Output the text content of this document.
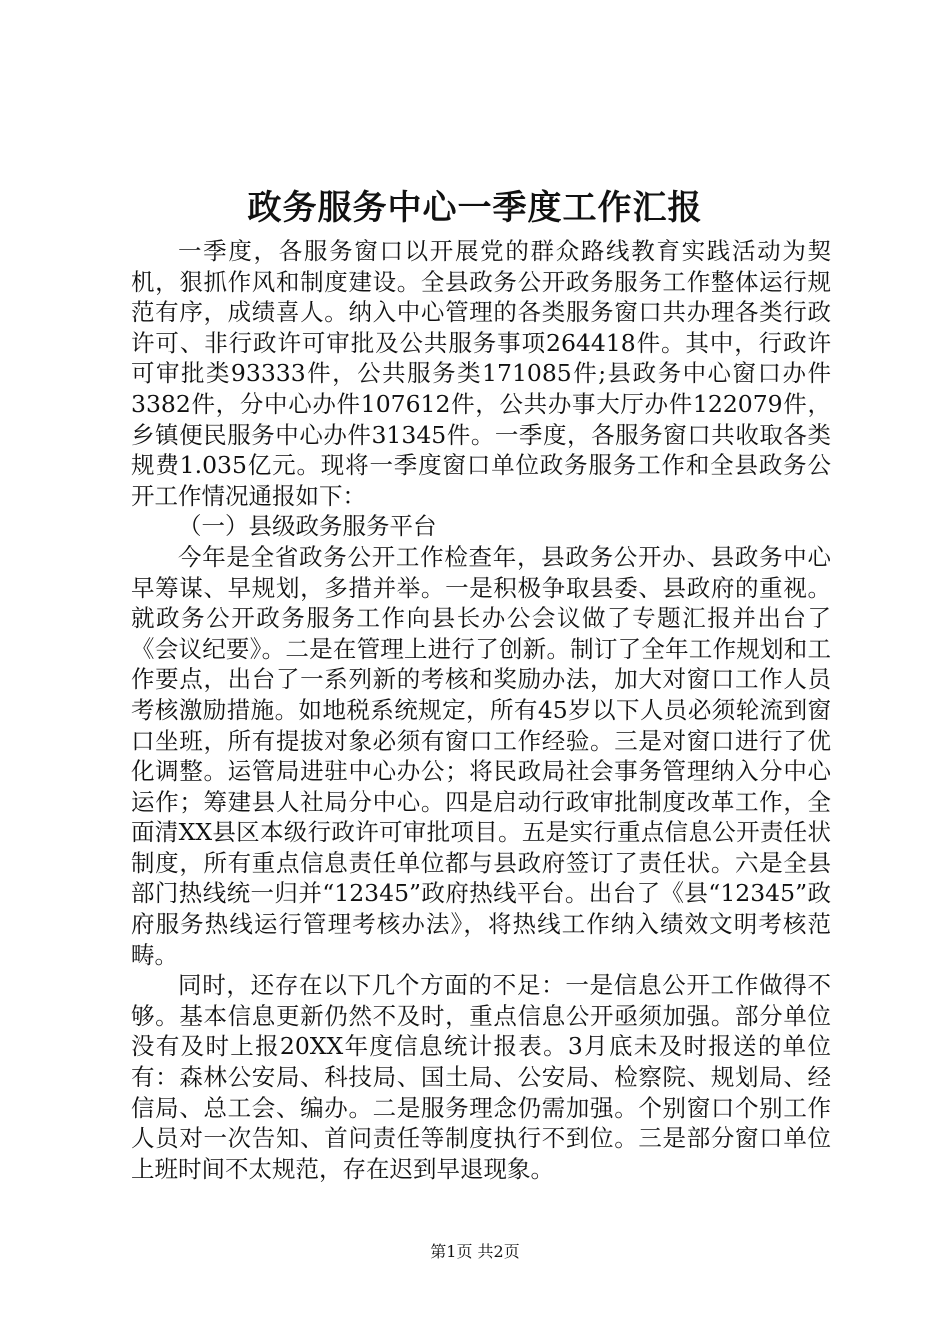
政务服务中心一季度工作汇报

一季度，各服务窗口以开展党的群众路线教育实践活动为契机，狠抓作风和制度建设。全县政务公开政务服务工作整体运行规范有序，成绩喜人。纳入中心管理的各类服务窗口共办理各类行政许可、非行政许可审批及公共服务事项264418件。其中，行政许可审批类93333件，公共服务类171085件;县政务中心窗口办件3382件，分中心办件107612件，公共办事大厅办件122079件，乡镇便民服务中心办件31345件。一季度，各服务窗口共收取各类规费1.035亿元。现将一季度窗口单位政务服务工作和全县政务公开工作情况通报如下：

（一）县级政务服务平台

今年是全省政务公开工作检查年，县政务公开办、县政务中心早筹谋、早规划，多措并举。一是积极争取县委、县政府的重视。就政务公开政务服务工作向县长办公会议做了专题汇报并出台了《会议纪要》。二是在管理上进行了创新。制订了全年工作规划和工作要点，出台了一系列新的考核和奖励办法，加大对窗口工作人员考核激励措施。如地税系统规定，所有45岁以下人员必须轮流到窗口坐班，所有提拔对象必须有窗口工作经验。三是对窗口进行了优化调整。运管局进驻中心办公；将民政局社会事务管理纳入分中心运作；筹建县人社局分中心。四是启动行政审批制度改革工作，全面清XX县区本级行政许可审批项目。五是实行重点信息公开责任状制度，所有重点信息责任单位都与县政府签订了责任状。六是全县部门热线统一归并“12345”政府热线平台。出台了《县“12345”政府服务热线运行管理考核办法》，将热线工作纳入绩效文明考核范畴。

同时，还存在以下几个方面的不足：一是信息公开工作做得不够。基本信息更新仍然不及时，重点信息公开亟须加强。部分单位没有及时上报20XX年度信息统计报表。3月底未及时报送的单位有：森林公安局、科技局、国土局、公安局、检察院、规划局、经信局、总工会、编办。二是服务理念仍需加强。个别窗口个别工作人员对一次告知、首问责任等制度执行不到位。三是部分窗口单位上班时间不太规范，存在迟到早退现象。

第1页 共2页
